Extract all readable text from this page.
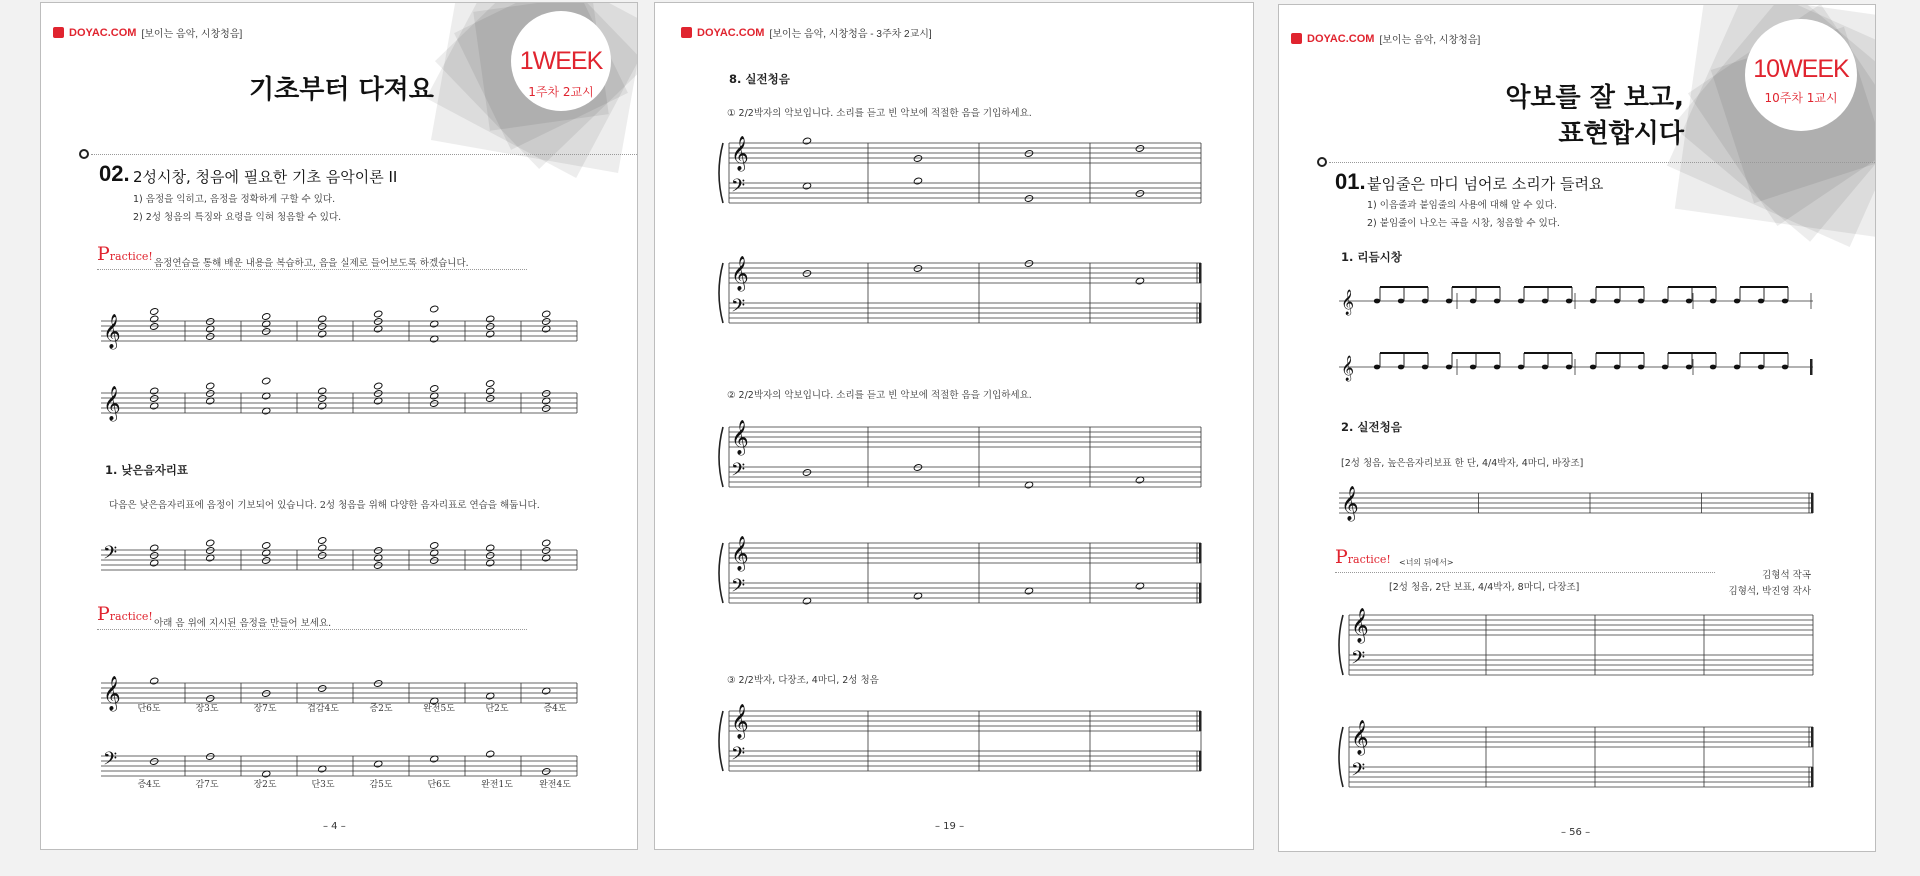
DOYAC.COM [보이는 음악, 시창청음]
1WEEK
1주차 2교시
기초부터 다져요
02. 2성시창, 청음에 필요한 기초 음악이론 II
1) 음정을 익히고, 음정을 정확하게 구할 수 있다.
2) 2성 청음의 특징와 요령을 익혀 청음할 수 있다.
Practice!
음정연습을 통해 배운 내용을 복습하고, 음을 실제로 들어보도록 하겠습니다.
𝄞
𝄞
1. 낮은음자리표
다음은 낮은음자리표에 음정이 기보되어 있습니다. 2성 청음을 위해 다양한 음자리표로 연습을 해둡니다.
𝄢
Practice!
아래 음 위에 지시된 음정을 만들어 보세요.
𝄞	단6도	장3도	장7도	겹감4도	증2도	완전5도	단2도	증4도
𝄢
증4도	감7도	장2도	단3도	감5도	단6도	완전1도	완전4도
– 4 –
DOYAC.COM [보이는 음악, 시창청음 - 3주차 2교시]
8. 실전청음
① 2/2박자의 악보입니다. 소리를 듣고 빈 악보에 적절한 음을 기입하세요.
𝄞
𝄢
𝄞
𝄢
② 2/2박자의 악보입니다. 소리를 듣고 빈 악보에 적절한 음을 기입하세요.
𝄞
𝄢
𝄞
𝄢
③ 2/2박자, 다장조, 4마디, 2성 청음
𝄞
𝄢
– 19 –
DOYAC.COM [보이는 음악, 시창청음]
10WEEK
10주차 1교시
악보를 잘 보고,
표현합시다
01. 붙임줄은 마디 넘어로 소리가 들려요
1) 이음줄과 붙임줄의 사용에 대해 알 수 있다.
2) 붙임줄이 나오는 곡을 시창, 청음할 수 있다.
1. 리듬시창
𝄞
𝄞
2. 실전청음
[2성 청음, 높은음자리보표 한 단, 4/4박자, 4마디, 바장조]
𝄞
Practice! <너의 뒤에서>
[2성 청음, 2단 보표, 4/4박자, 8마디, 다장조]
김형석 작곡
김형석, 박진영 작사
𝄞
𝄢
𝄞
𝄢
– 56 –
